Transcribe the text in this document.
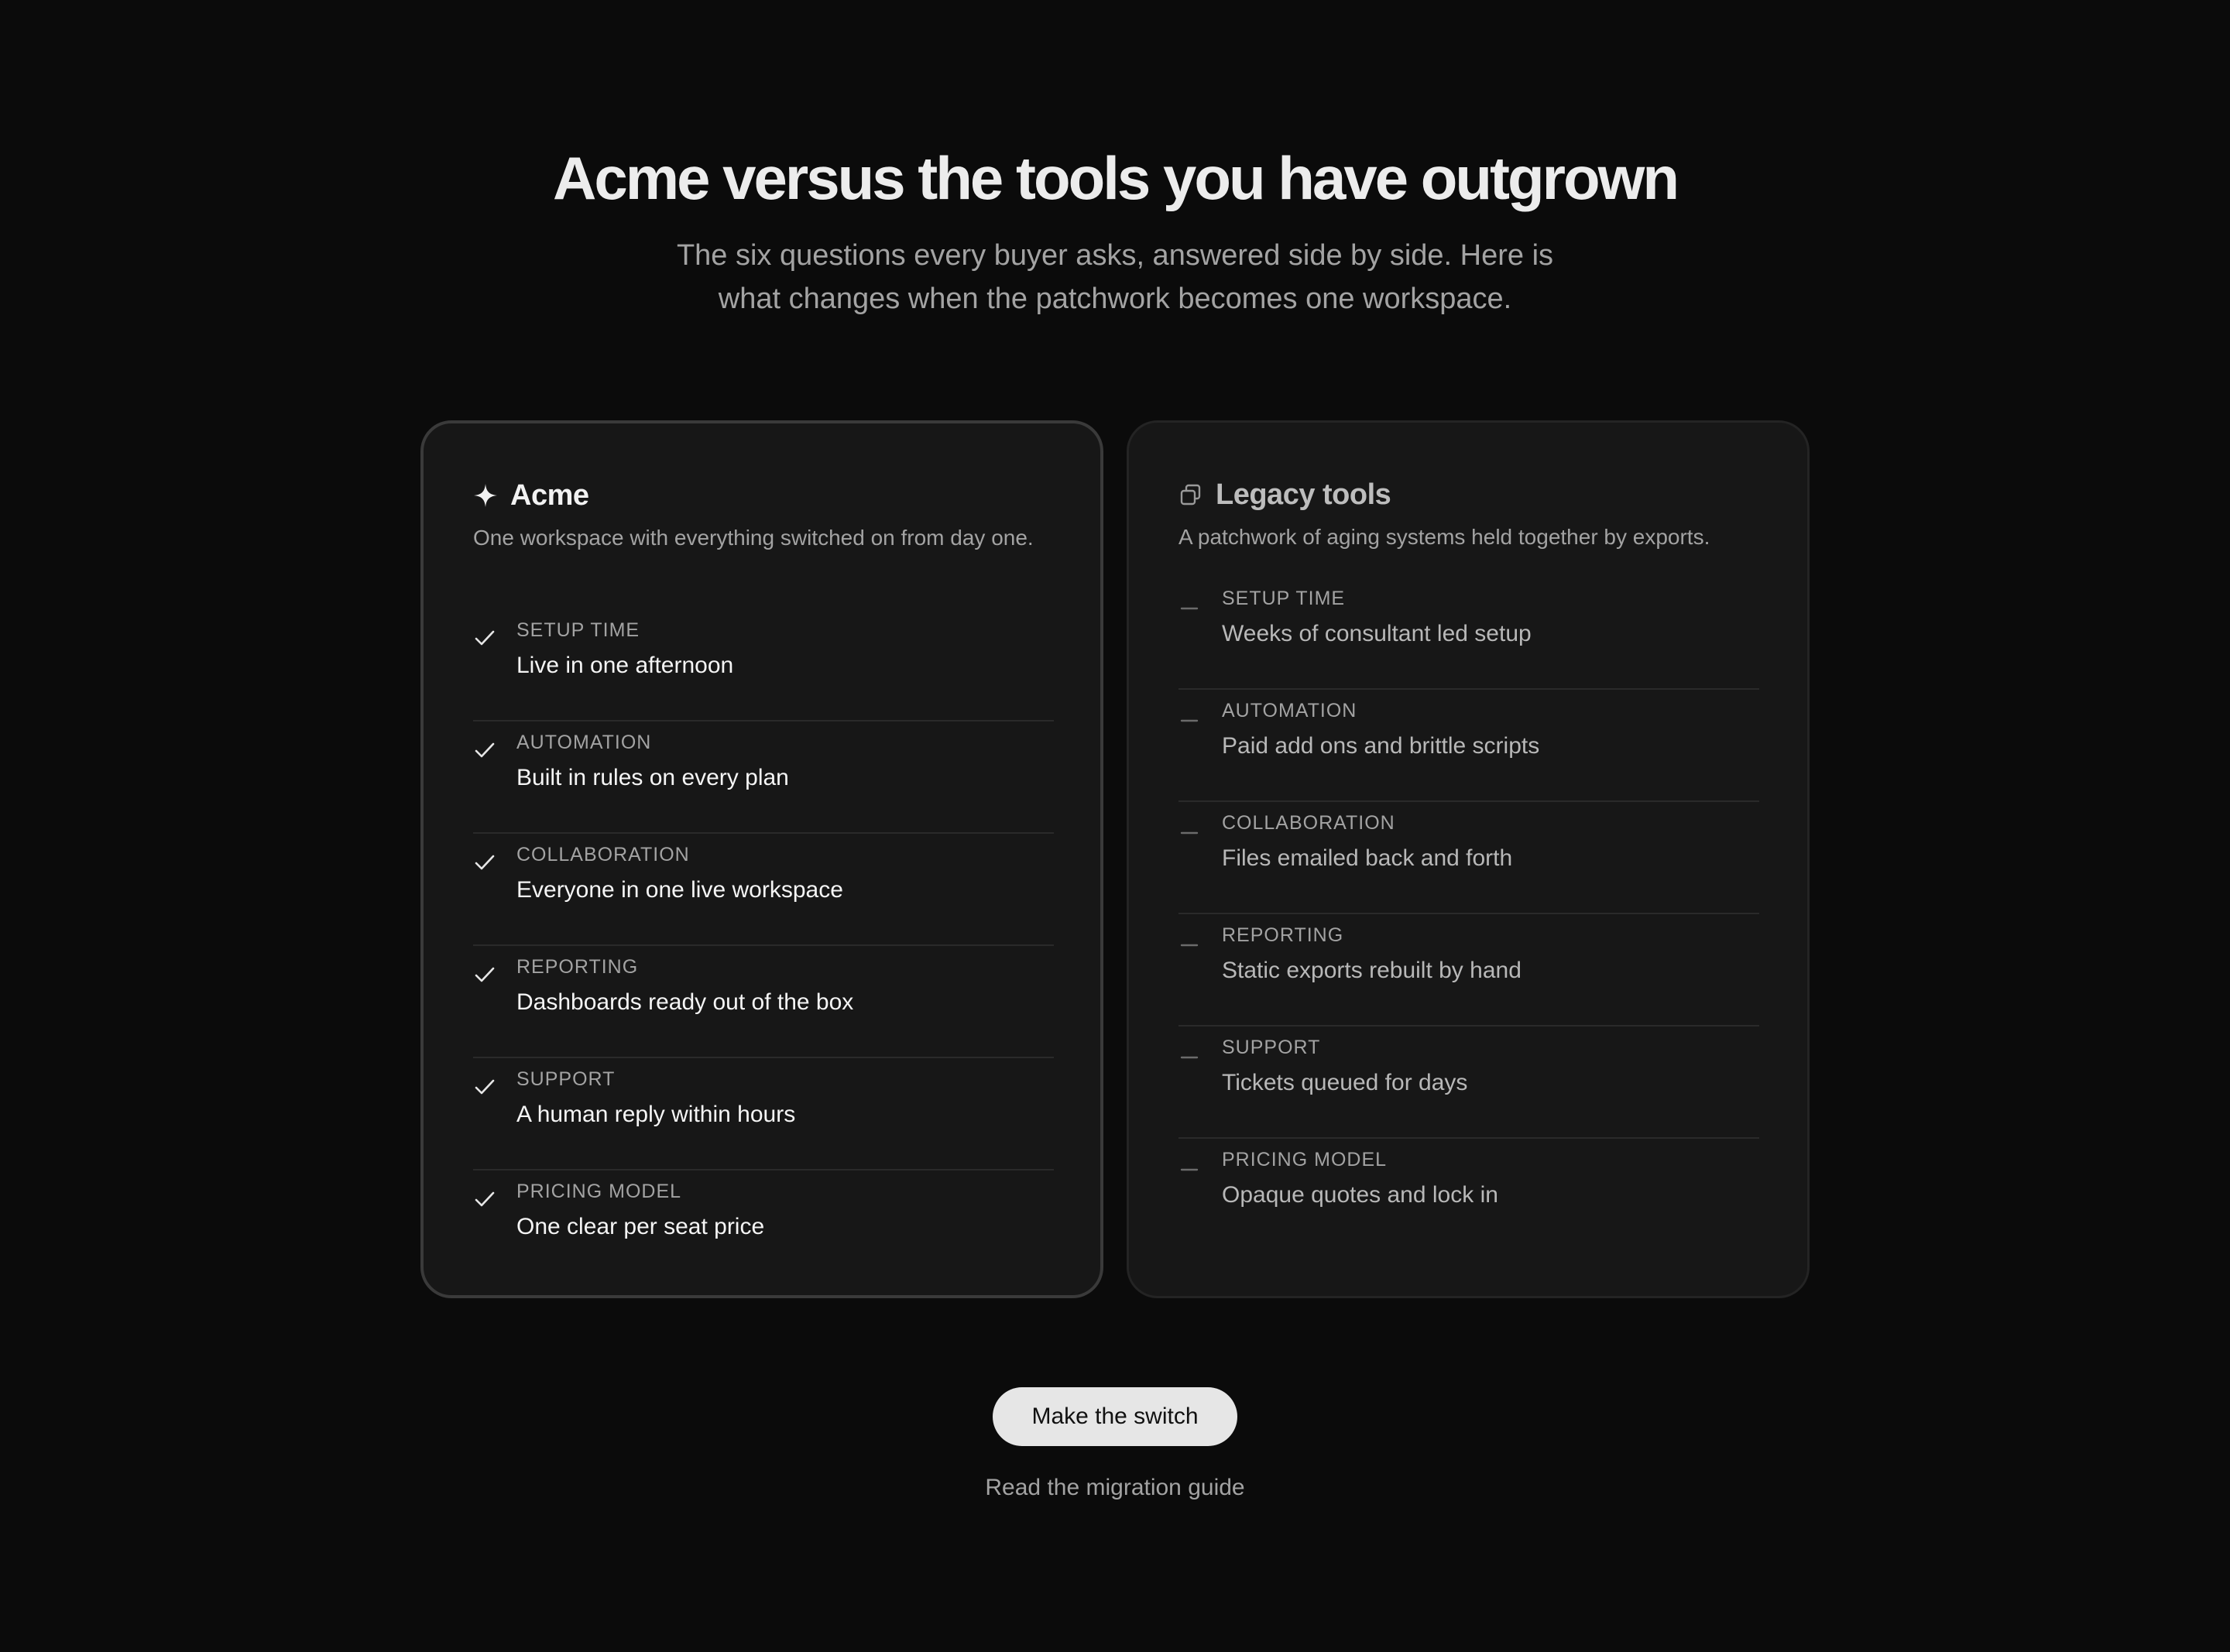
Acme versus the tools you have outgrown

The six questions every buyer asks, answered side by side. Here is what changes when the patchwork becomes one workspace.

Acme
One workspace with everything switched on from day one.
SETUP TIME
Live in one afternoon
AUTOMATION
Built in rules on every plan
COLLABORATION
Everyone in one live workspace
REPORTING
Dashboards ready out of the box
SUPPORT
A human reply within hours
PRICING MODEL
One clear per seat price
Legacy tools
A patchwork of aging systems held together by exports.
SETUP TIME
Weeks of consultant led setup
AUTOMATION
Paid add ons and brittle scripts
COLLABORATION
Files emailed back and forth
REPORTING
Static exports rebuilt by hand
SUPPORT
Tickets queued for days
PRICING MODEL
Opaque quotes and lock in
Make the switch
Read the migration guide
